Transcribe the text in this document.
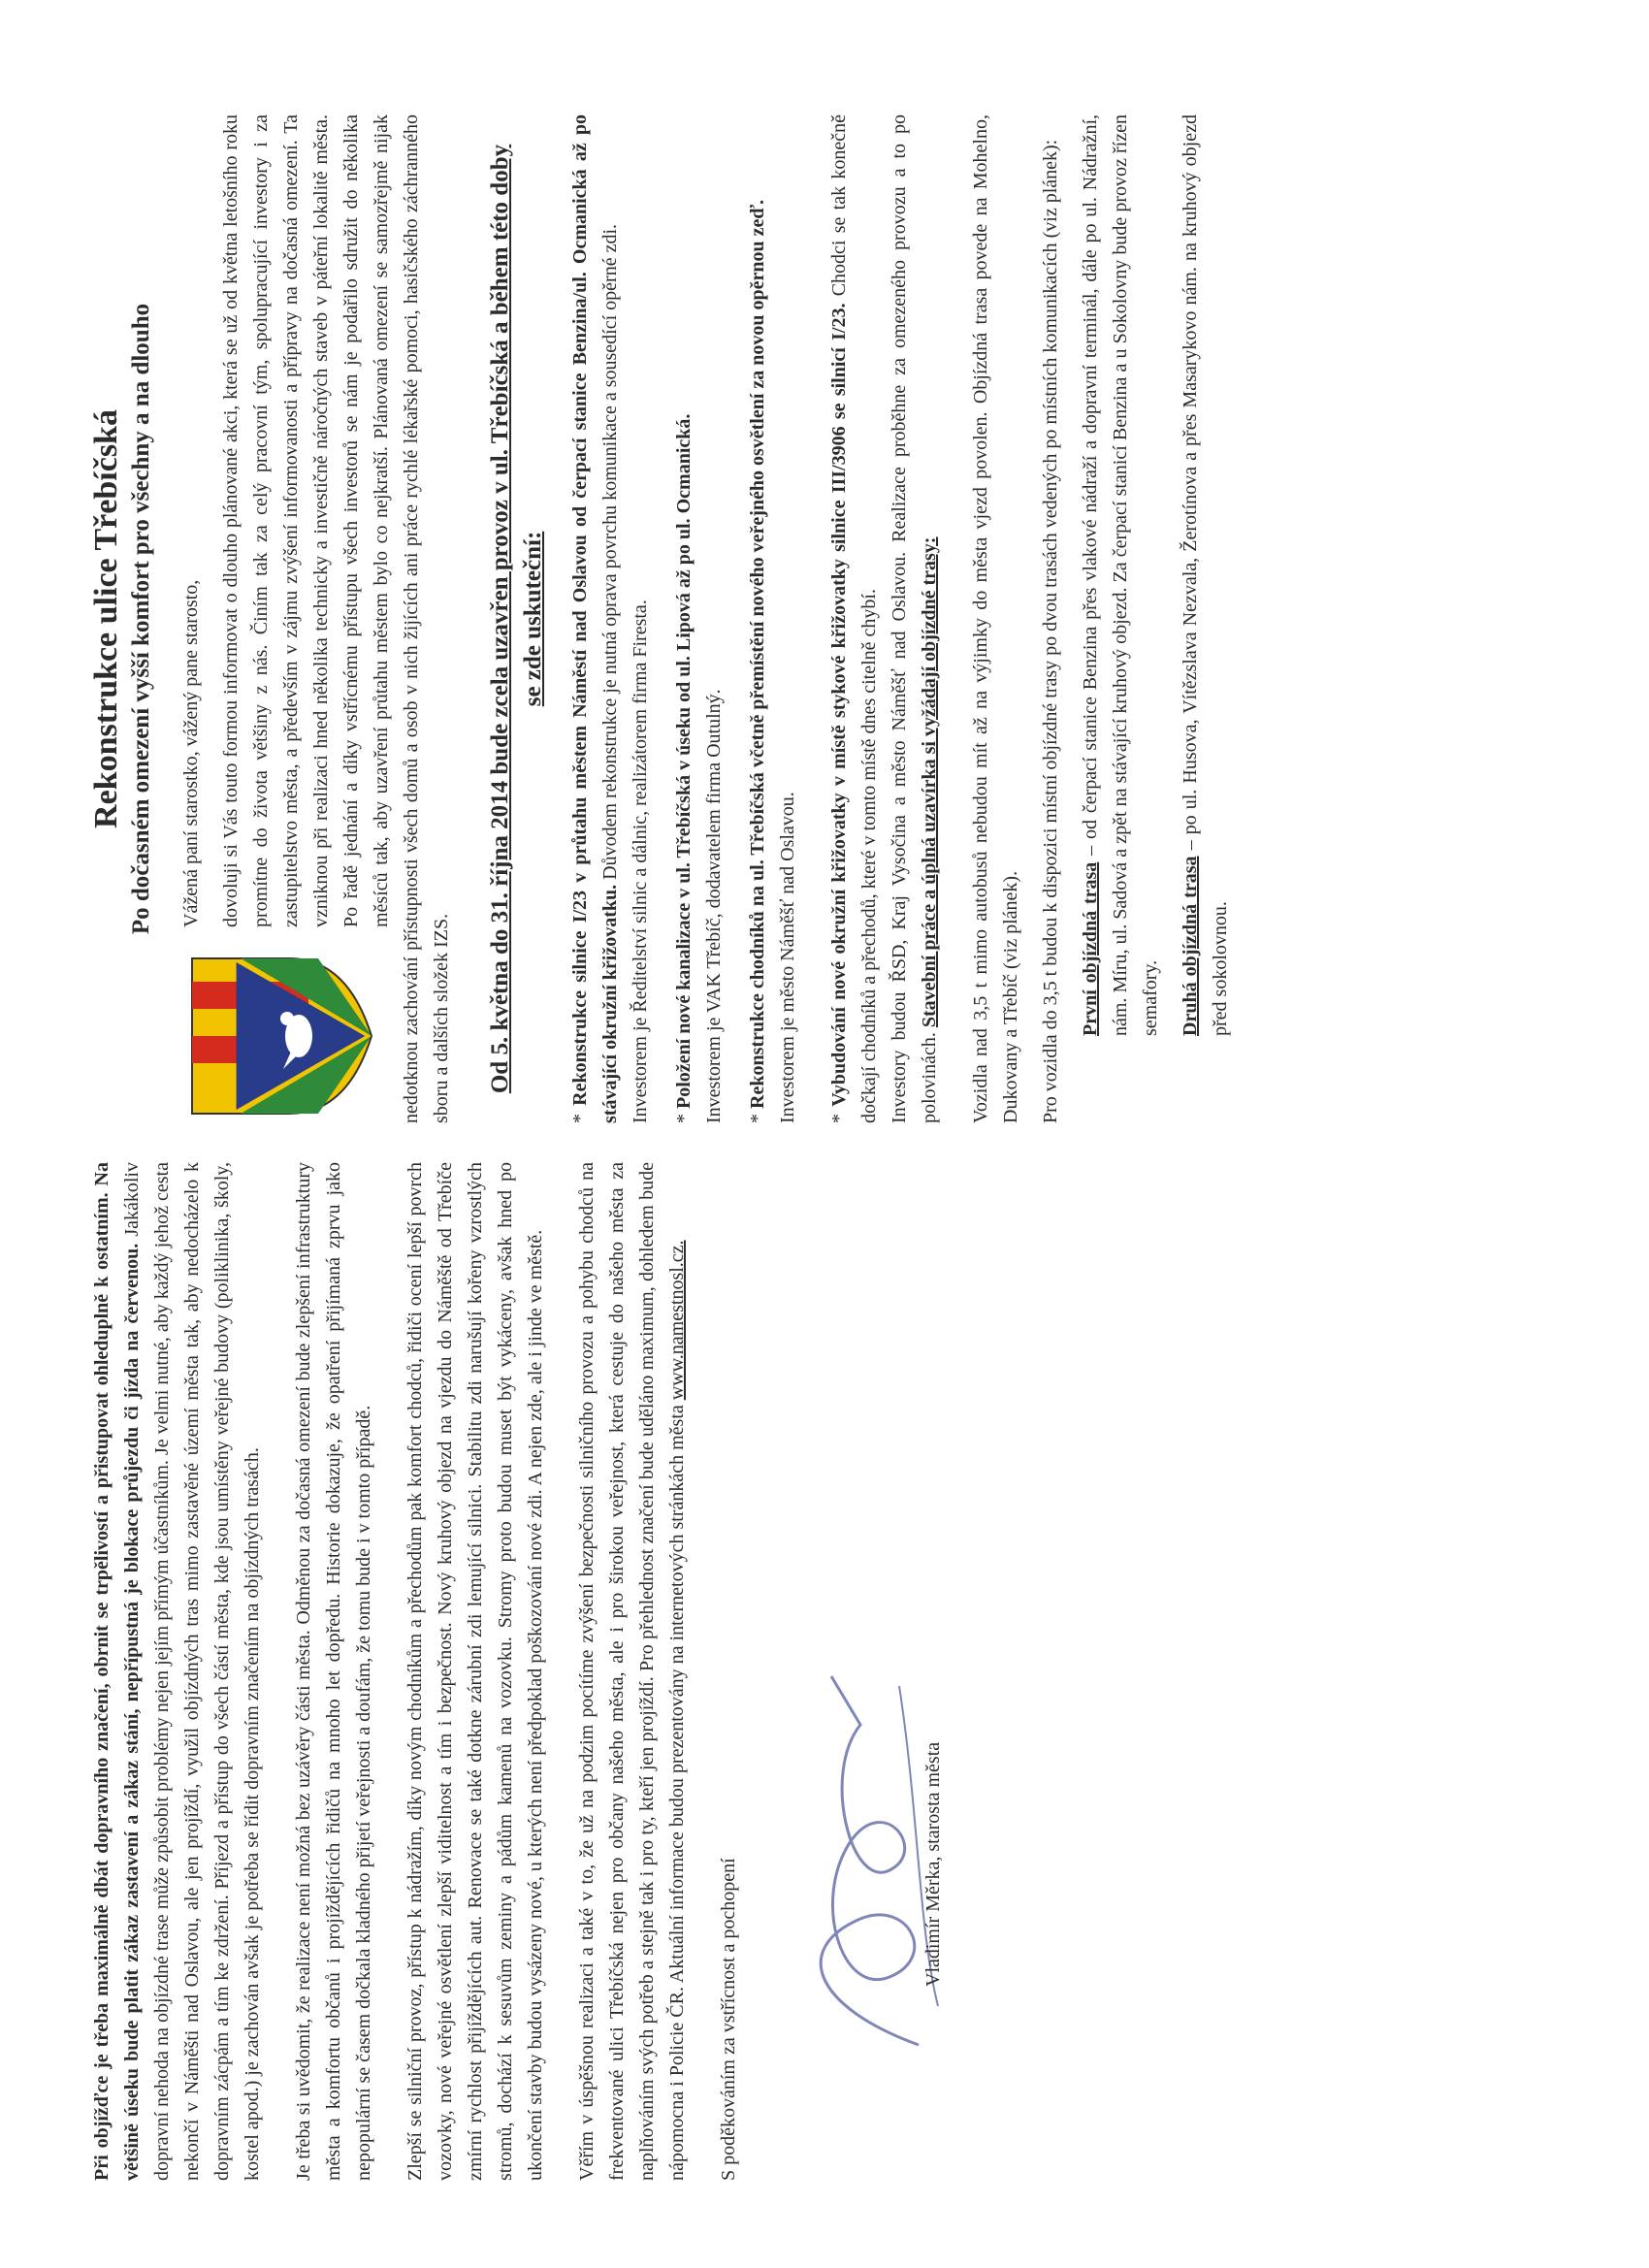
Rekonstrukce ulice Třebíčská Po dočasném omezení vyšší komfort pro všechny a na dlouho Vážená paní starostko, vážený pane starosto, dovoluji si Vás touto formou informovat o dlouho plánované akci, která se už od května letošního roku promítne do života většiny z nás. Činím tak za celý pracovní tým, spolupracující investory i za zastupitelstvo města, a především v zájmu zvýšení informovanosti a přípravy na dočasná omezení. Ta vzniknou při realizaci hned několika technicky a investičně náročných staveb v páteřní lokalitě města. Po řadě jednání a díky vstřícnému přístupu všech investorů se nám je podařilo sdružit do několika měsíců tak, aby uzavření průtahu městem bylo co nejkratší. Plánovaná omezení se samozřejmě nijak nedotknou zachování přístupnosti všech domů a osob v nich žijících ani práce rychlé lékařské pomoci, hasičského záchranného sboru a dalších složek IZS. Od 5. května do 31. října 2014 bude zcela uzavřen provoz v ul. Třebíčská a během této doby se zde uskuteční:

* Rekonstrukce silnice I/23 v průtahu městem Náměstí nad Oslavou od čerpací stanice Benzina/ul. Ocmanická až po stávající okružní křižovatku. Důvodem rekonstrukce je nutná oprava povrchu komunikace a sousedící opěrné zdi. Investorem je Ředitelství silnic a dálnic, realizátorem firma Firesta. * Položení nové kanalizace v ul. Třebíčská v úseku od ul. Lipová až po ul. Ocmanická. Investorem je VAK Třebíč, dodavatelem firma Outulný. * Rekonstrukce chodníků na ul. Třebíčská včetně přemístění nového veřejného osvětlení za novou opěrnou zeď. Investorem je město Náměšť nad Oslavou. * Vybudování nové okružní křižovatky v místě stykové křižovatky silnice III/3906 se silnicí I/23. Chodci se tak konečně dočkají chodníků a přechodů, které v tomto místě dnes citelně chybí. Investory budou ŘSD, Kraj Vysočina a město Náměšť nad Oslavou. Realizace proběhne za omezeného provozu a to po polovinách. Stavební práce a úplná uzavírka si vyžádají objízdné trasy: Vozidla nad 3,5 t mimo autobusů nebudou mít až na výjimky do města vjezd povolen. Objízdná trasa povede na Mohelno, Dukovany a Třebíč (viz plánek). Pro vozidla do 3,5 t budou k dispozici místní objízdné trasy po dvou trasách vedených po místních komunikacích (viz plánek): První objízdná trasa – od čerpací stanice Benzina přes vlakové nádraží a dopravní terminál, dále po ul. Nádražní, nám. Míru, ul. Sadová a zpět na stávající kruhový objezd. Za čerpací stanicí Benzina a u Sokolovny bude provoz řízen semafory. Druhá objízdná trasa – po ul. Husova, Vítězslava Nezvala, Žerotínova a přes Masarykovo nám. na kruhový objezd před sokolovnou.

Při objížďce je třeba maximálně dbát dopravního značení, obrnit se trpělivostí a přistupovat ohleduplně k ostatním. Na většině úseku bude platit zákaz zastavení a zákaz stání, nepřípustná je blokace průjezdu či jízda na červenou. Jakákoliv dopravní nehoda na objízdné trase může způsobit problémy nejen jejím přímým účastníkům. Je velmi nutné, aby každý jehož cesta nekončí v Náměšti nad Oslavou, ale jen projíždí, využil objízdných tras mimo zastavěné území města tak, aby nedocházelo k dopravním zácpám a tím ke zdržení. Příjezd a přístup do všech částí města, kde jsou umístěny veřejné budovy (poliklinika, školy, kostel apod.) je zachován avšak je potřeba se řídit dopravním značením na objízdných trasách. Je třeba si uvědomit, že realizace není možná bez uzávěry části města. Odměnou za dočasná omezení bude zlepšení infrastruktury města a komfortu občanů i projíždějících řidičů na mnoho let dopředu. Historie dokazuje, že opatření přijímaná zprvu jako nepopulární se časem dočkala kladného přijetí veřejnosti a doufám, že tomu bude i v tomto případě. Zlepší se silniční provoz, přístup k nádražím, díky novým chodníkům a přechodům pak komfort chodců, řidiči ocení lepší povrch vozovky, nové veřejné osvětlení zlepší viditelnost a tím i bezpečnost. Nový kruhový objezd na vjezdu do Náměště od Třebíče zmírní rychlost přijíždějících aut. Renovace se také dotkne zárubní zdi lemující silnici. Stabilitu zdi narušují kořeny vzrostlých stromů, dochází k sesuvům zeminy a pádům kamenů na vozovku. Stromy proto budou muset být vykáceny, avšak hned po ukončení stavby budou vysázeny nové, u kterých není předpoklad poškozování nové zdi. A nejen zde, ale i jinde ve městě. Věřím v úspěšnou realizaci a také v to, že už na podzim pocítíme zvýšení bezpečnosti silničního provozu a pohybu chodců na frekventované ulici Třebíčská nejen pro občany našeho města, ale i pro širokou veřejnost, která cestuje do našeho města za naplňováním svých potřeb a stejně tak i pro ty, kteří jen projíždí. Pro přehlednost značení bude uděláno maximum, dohledem bude nápomocna i Policie ČR. Aktuální informace budou prezentovány na internetových stránkách města www.namestnosl.cz.

S poděkováním za vstřícnost a pochopení	Vladimír Měrka, starosta města
